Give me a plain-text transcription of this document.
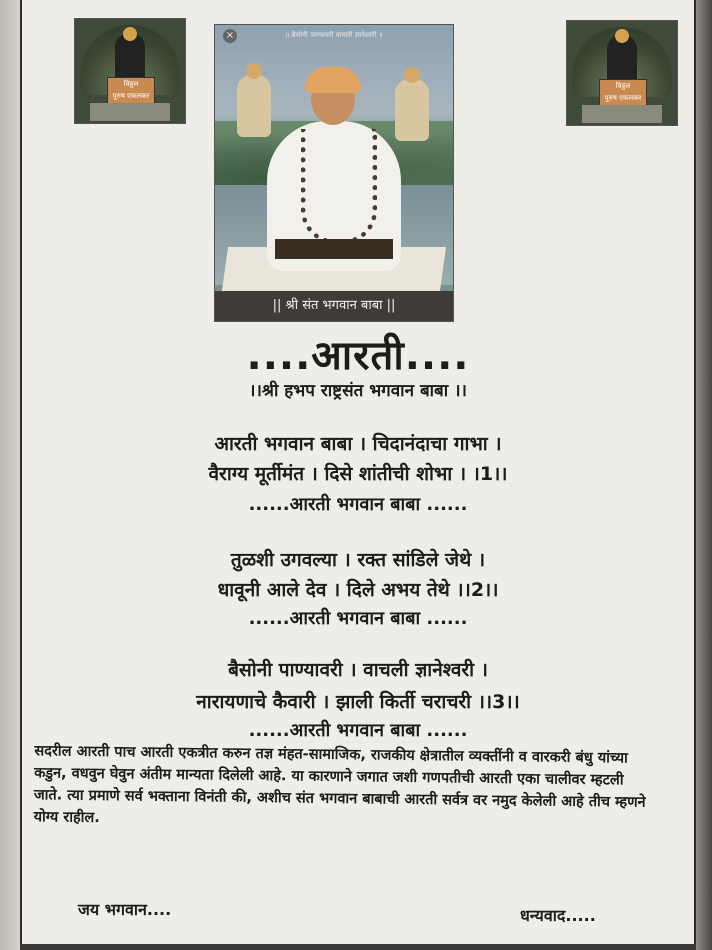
विठ्ठल
पुरुष एकलकर
विठ्ठल
पुरुष एकलकर
×	॥ बैसोनी पाण्यावरी वाचली ज्ञानेश्वरी ॥
|| श्री संत भगवान बाबा ||
....आरती....
।।श्री हभप राष्ट्रसंत भगवान बाबा ।।
आरती भगवान बाबा । चिदानंदाचा गाभा ।
वैराग्य मूर्तीमंत । दिसे शांतीची शोभा । ।1।।
......आरती भगवान बाबा ......
तुळशी उगवल्या । रक्त सांडिले जेथे ।
धावूनी आले देव । दिले अभय तेथे ।।2।।
......आरती भगवान बाबा ......
बैसोनी पाण्यावरी । वाचली ज्ञानेश्वरी ।
नारायणाचे कैवारी । झाली किर्ती चराचरी ।।3।।
......आरती भगवान बाबा ......
सदरील आरती पाच आरती एकत्रीत करुन तज्ञ मंहत-सामाजिक, राजकीय क्षेत्रातील व्यक्तींनी व वारकरी बंधु यांच्या कडुन, वधवुन घेवुन अंतीम मान्यता दिलेली आहे. या कारणाने जगात जशी गणपतीची आरती एका चालीवर म्हटली जाते. त्या प्रमाणे सर्व भक्ताना विनंती की, अशीच संत भगवान बाबाची आरती सर्वत्र वर नमुद केलेली आहे तीच म्हणने योग्य राहील.
जय भगवान....	धन्यवाद.....
